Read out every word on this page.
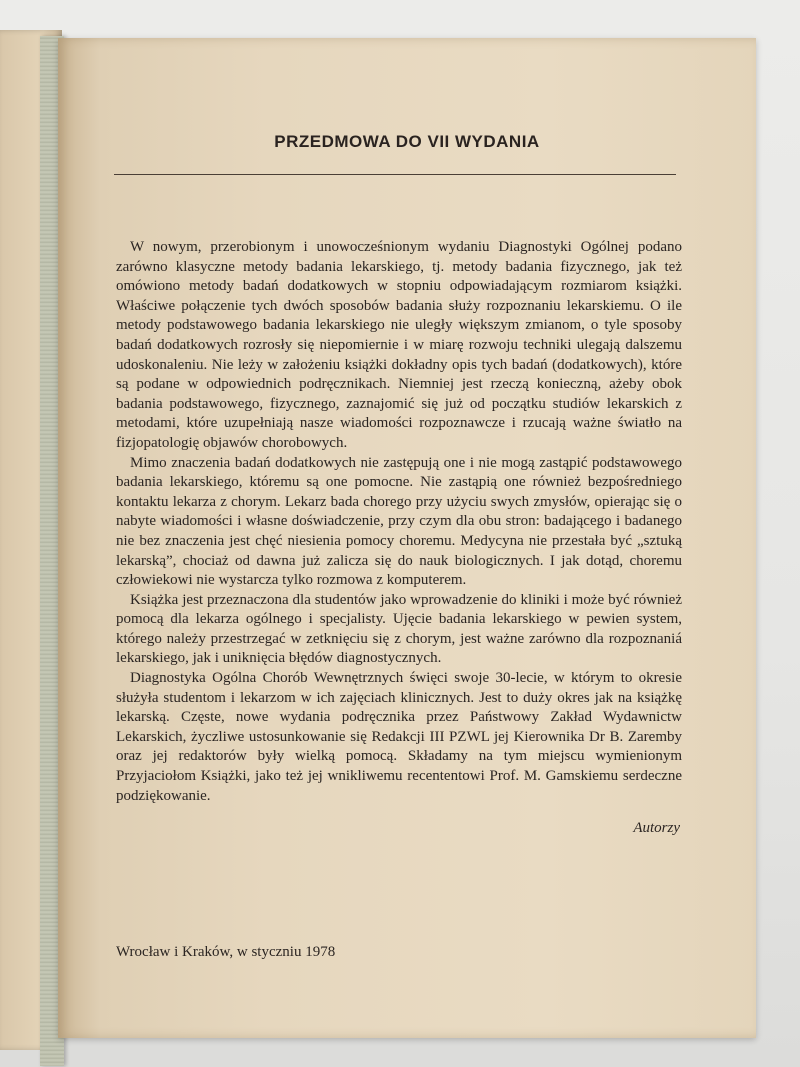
PRZEDMOWA DO VII WYDANIA

W nowym, przerobionym i unowocześnionym wydaniu Diagnostyki Ogólnej podano zarówno klasyczne metody badania lekarskiego, tj. metody badania fizycznego, jak też omówiono metody badań dodatkowych w stopniu odpowiadającym rozmiarom książki. Właściwe połączenie tych dwóch sposobów badania służy rozpoznaniu lekarskiemu. O ile metody podstawowego badania lekarskiego nie uległy większym zmianom, o tyle sposoby badań dodatkowych rozrosły się niepomiernie i w miarę rozwoju techniki ulegają dalszemu udoskonaleniu. Nie leży w założeniu książki dokładny opis tych badań (dodatkowych), które są podane w odpowiednich podręcznikach. Niemniej jest rzeczą konieczną, ażeby obok badania podstawowego, fizycznego, zaznajomić się już od początku studiów lekarskich z metodami, które uzupełniają nasze wiadomości rozpoznawcze i rzucają ważne światło na fizjopatologię objawów chorobowych.

Mimo znaczenia badań dodatkowych nie zastępują one i nie mogą zastąpić podstawowego badania lekarskiego, któremu są one pomocne. Nie zastąpią one również bezpośredniego kontaktu lekarza z chorym. Lekarz bada chorego przy użyciu swych zmysłów, opierając się o nabyte wiadomości i własne doświadczenie, przy czym dla obu stron: badającego i badanego nie bez znaczenia jest chęć niesienia pomocy choremu. Medycyna nie przestała być „sztuką lekarską”, chociaż od dawna już zalicza się do nauk biologicznych. I jak dotąd, choremu człowiekowi nie wystarcza tylko rozmowa z komputerem.

Książka jest przeznaczona dla studentów jako wprowadzenie do kliniki i może być również pomocą dla lekarza ogólnego i specjalisty. Ujęcie badania lekarskiego w pewien system, którego należy przestrzegać w zetknięciu się z chorym, jest ważne zarówno dla rozpoznaniá lekarskiego, jak i uniknięcia błędów diagnostycznych.

Diagnostyka Ogólna Chorób Wewnętrznych święci swoje 30-lecie, w którym to okresie służyła studentom i lekarzom w ich zajęciach klinicznych. Jest to duży okres jak na książkę lekarską. Częste, nowe wydania podręcznika przez Państwowy Zakład Wydawnictw Lekarskich, życzliwe ustosunkowanie się Redakcji III PZWL jej Kierownika Dr B. Zaremby oraz jej redaktorów były wielką pomocą. Składamy na tym miejscu wymienionym Przyjaciołom Książki, jako też jej wnikliwemu recententowi Prof. M. Gamskiemu serdeczne podziękowanie.

Autorzy
Wrocław i Kraków, w styczniu 1978
